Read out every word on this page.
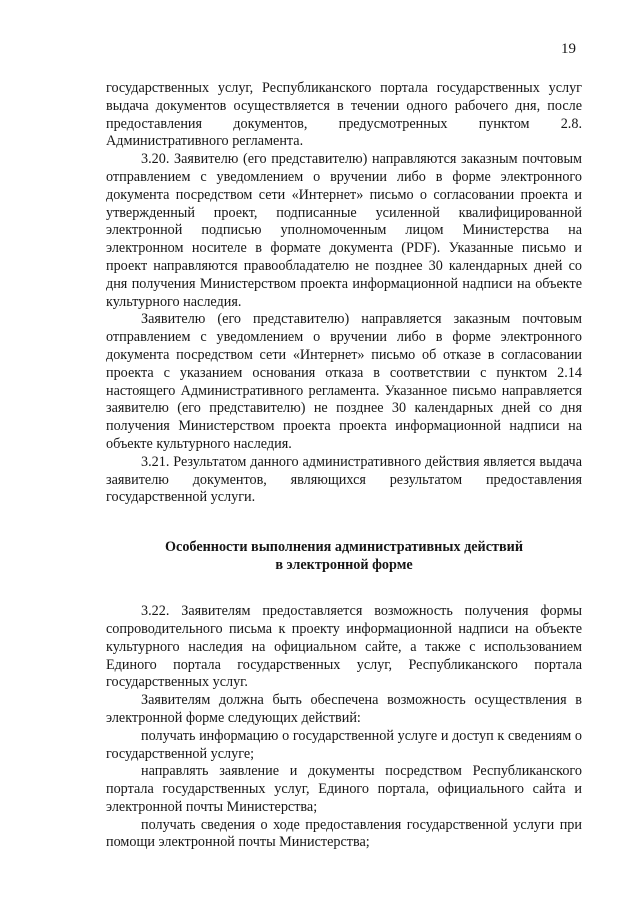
19

государственных услуг, Республиканского портала государственных услуг выдача документов осуществляется в течении одного рабочего дня, после предоставления документов, предусмотренных пунктом 2.8. Административного регламента.

3.20. Заявителю (его представителю) направляются заказным почтовым отправлением с уведомлением о вручении либо в форме электронного документа посредством сети «Интернет» письмо о согласовании проекта и утвержденный проект, подписанные усиленной квалифицированной электронной подписью уполномоченным лицом Министерства на электронном носителе в формате документа (PDF). Указанные письмо и проект направляются правообладателю не позднее 30 календарных дней со дня получения Министерством проекта информационной надписи на объекте культурного наследия.

Заявителю (его представителю) направляется заказным почтовым отправлением с уведомлением о вручении либо в форме электронного документа посредством сети «Интернет» письмо об отказе в согласовании проекта с указанием основания отказа в соответствии с пунктом 2.14 настоящего Административного регламента. Указанное письмо направляется заявителю (его представителю) не позднее 30 календарных дней со дня получения Министерством проекта проекта информационной надписи на объекте культурного наследия.

3.21. Результатом данного административного действия является выдача заявителю документов, являющихся результатом предоставления государственной услуги.

Особенности выполнения административных действий
в электронной форме

3.22. Заявителям предоставляется возможность получения формы сопроводительного письма к проекту информационной надписи на объекте культурного наследия на официальном сайте, а также с использованием Единого портала государственных услуг, Республиканского портала государственных услуг.

Заявителям должна быть обеспечена возможность осуществления в электронной форме следующих действий:

получать информацию о государственной услуге и доступ к сведениям о государственной услуге;

направлять заявление и документы посредством Республиканского портала государственных услуг, Единого портала, официального сайта и электронной почты Министерства;

получать сведения о ходе предоставления государственной услуги при помощи электронной почты Министерства;
